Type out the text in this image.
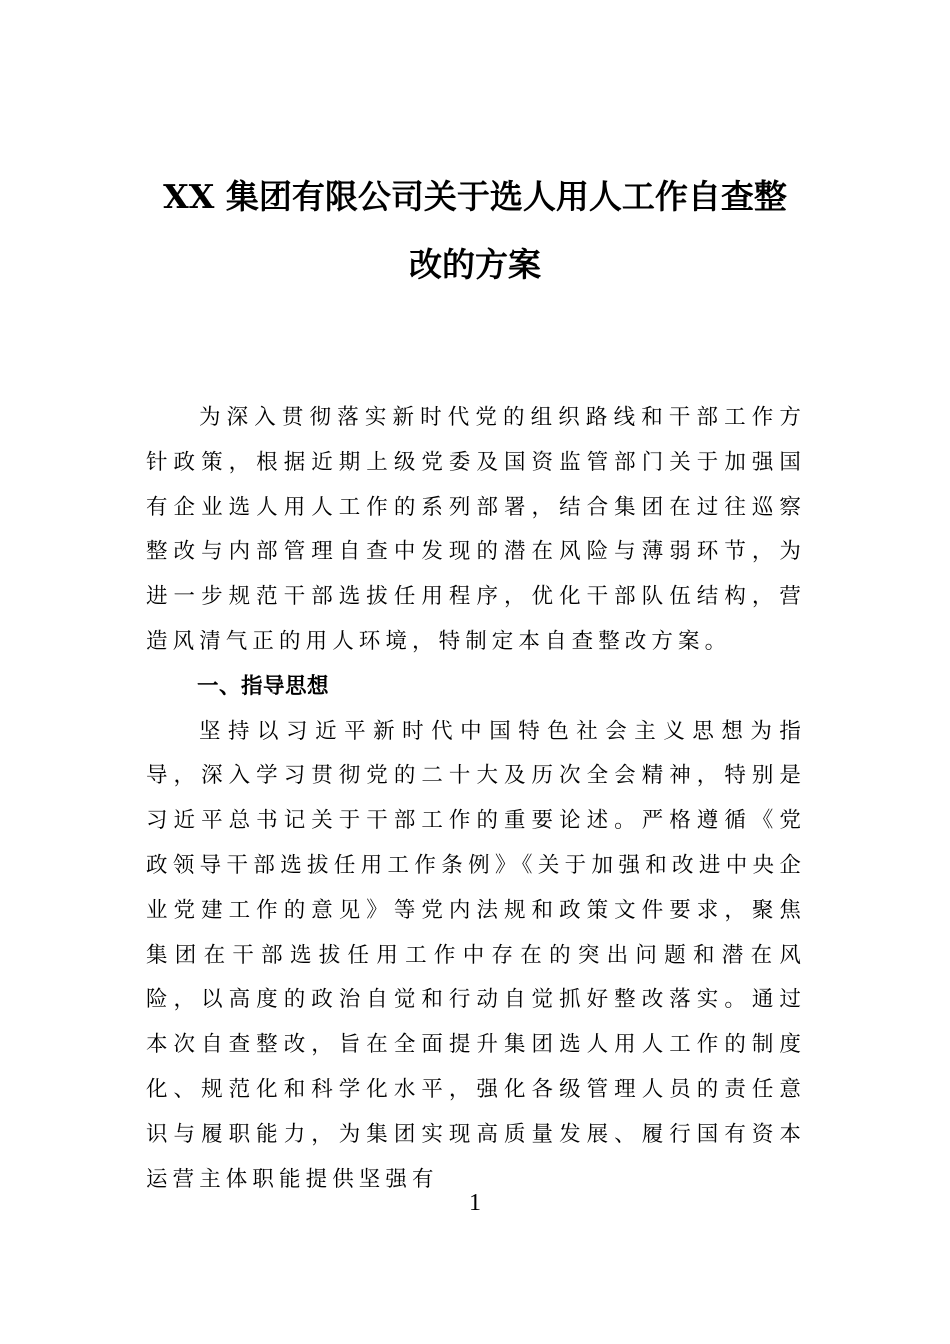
XX 集团有限公司关于选人用人工作自查整
改的方案

为深入贯彻落实新时代党的组织路线和干部工作方针政策，根据近期上级党委及国资监管部门关于加强国有企业选人用人工作的系列部署，结合集团在过往巡察整改与内部管理自查中发现的潜在风险与薄弱环节，为进一步规范干部选拔任用程序，优化干部队伍结构，营造风清气正的用人环境，特制定本自查整改方案。

一、指导思想

坚持以习近平新时代中国特色社会主义思想为指导，深入学习贯彻党的二十大及历次全会精神，特别是习近平总书记关于干部工作的重要论述。严格遵循《党政领导干部选拔任用工作条例》《关于加强和改进中央企业党建工作的意见》等党内法规和政策文件要求，聚焦集团在干部选拔任用工作中存在的突出问题和潜在风险，以高度的政治自觉和行动自觉抓好整改落实。通过本次自查整改，旨在全面提升集团选人用人工作的制度化、规范化和科学化水平，强化各级管理人员的责任意识与履职能力，为集团实现高质量发展、履行国有资本运营主体职能提供坚强有

1
